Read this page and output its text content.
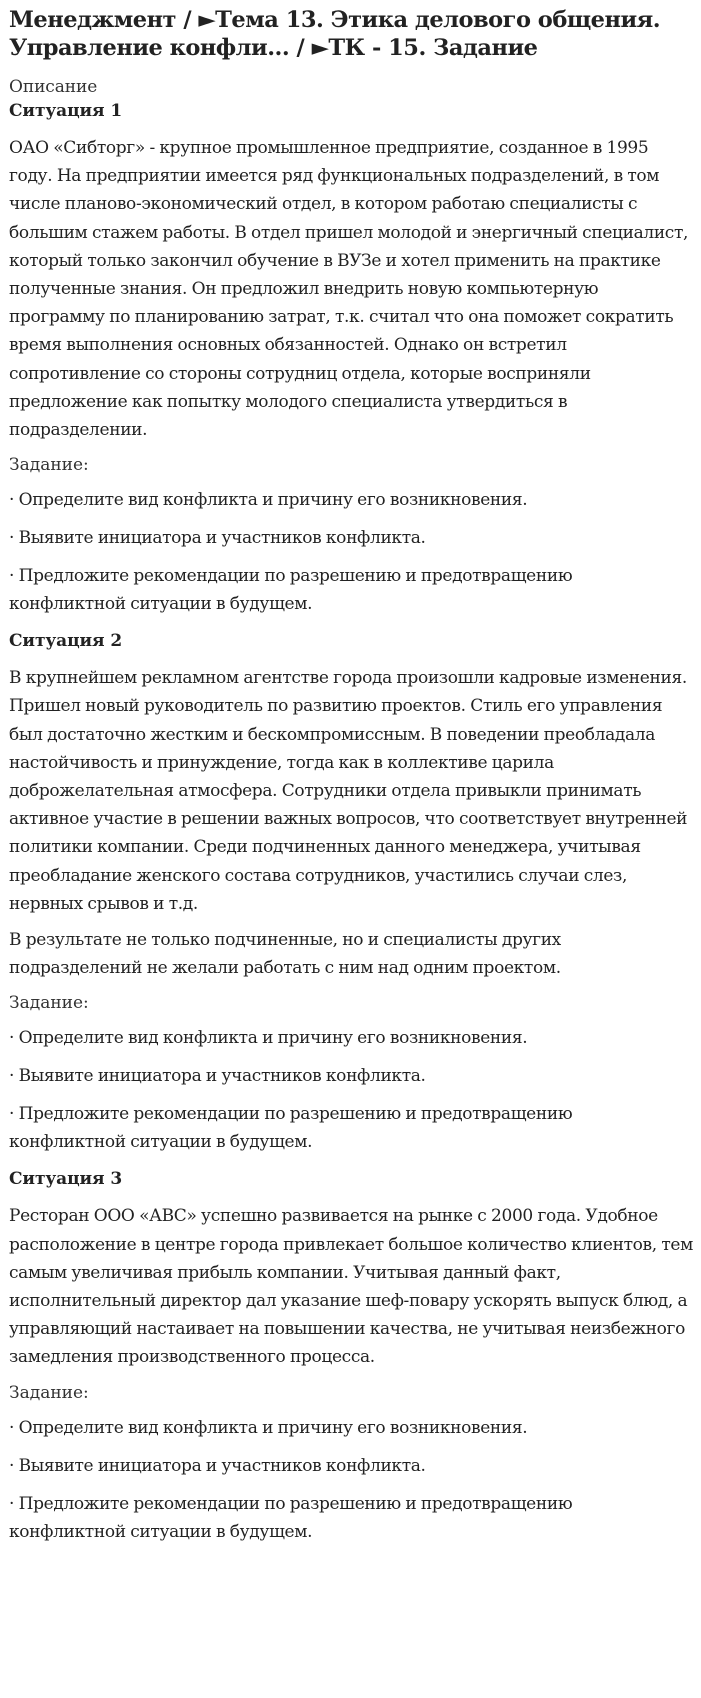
Менеджмент / ►Тема 13. Этика делового общения.
Управление конфли... / ►ТК - 15. Задание
Описание
Ситуация 1

ОАО «Сибторг» - крупное промышленное предприятие, созданное в 1995 году. На предприятии имеется ряд функциональных подразделений, в том числе планово-экономический отдел, в котором работаю специалисты с большим стажем работы. В отдел пришел молодой и энергичный специалист, который только закончил обучение в ВУЗе и хотел применить на практике полученные знания. Он предложил внедрить новую компьютерную программу по планированию затрат, т.к. считал что она поможет сократить время выполнения основных обязанностей. Однако он встретил сопротивление со стороны сотрудниц отдела, которые восприняли предложение как попытку молодого специалиста утвердиться в подразделении.

Задание:

· Определите вид конфликта и причину его возникновения.

· Выявите инициатора и участников конфликта.

· Предложите рекомендации по разрешению и предотвращению конфликтной ситуации в будущем.

Ситуация 2

В крупнейшем рекламном агентстве города произошли кадровые изменения. Пришел новый руководитель по развитию проектов. Стиль его управления был достаточно жестким и бескомпромиссным. В поведении преобладала настойчивость и принуждение, тогда как в коллективе царила доброжелательная атмосфера. Сотрудники отдела привыкли принимать активное участие в решении важных вопросов, что соответствует внутренней политики компании. Среди подчиненных данного менеджера, учитывая преобладание женского состава сотрудников, участились случаи слез, нервных срывов и т.д.

В результате не только подчиненные, но и специалисты других подразделений не желали работать с ним над одним проектом.

Задание:

· Определите вид конфликта и причину его возникновения.

· Выявите инициатора и участников конфликта.

· Предложите рекомендации по разрешению и предотвращению конфликтной ситуации в будущем.

Ситуация 3

Ресторан ООО «АВС» успешно развивается на рынке с 2000 года. Удобное расположение в центре города привлекает большое количество клиентов, тем самым увеличивая прибыль компании. Учитывая данный факт, исполнительный директор дал указание шеф-повару ускорять выпуск блюд, а управляющий настаивает на повышении качества, не учитывая неизбежного замедления производственного процесса.

Задание:

· Определите вид конфликта и причину его возникновения.

· Выявите инициатора и участников конфликта.

· Предложите рекомендации по разрешению и предотвращению конфликтной ситуации в будущем.
